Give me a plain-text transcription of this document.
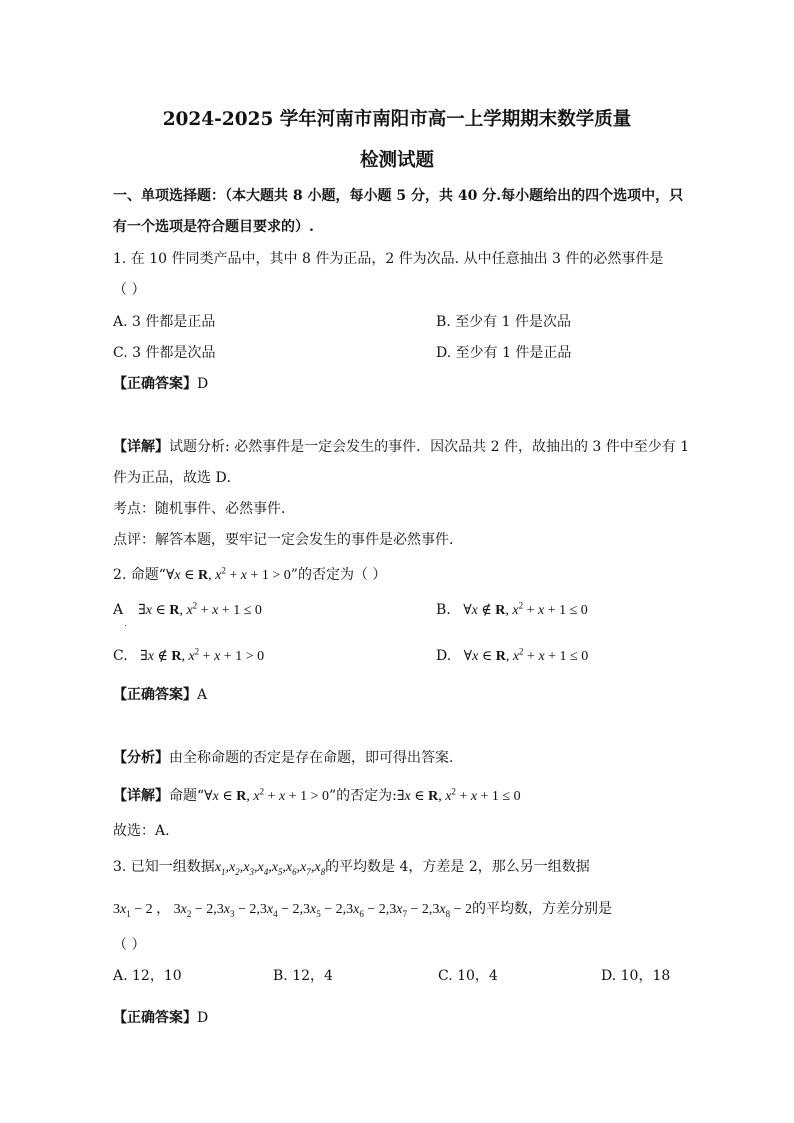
2024-2025 学年河南市南阳市高一上学期期末数学质量
检测试题
一、单项选择题：（本大题共 8 小题，每小题 5 分，共 40 分.每小题给出的四个选项中，只
有一个选项是符合题目要求的）.
1. 在 10 件同类产品中，其中 8 件为正品，2 件为次品. 从中任意抽出 3 件的必然事件是
（ ）
A. 3 件都是正品	B. 至少有 1 件是次品
C. 3 件都是次品	D. 至少有 1 件是正品
【正确答案】D
【详解】试题分析: 必然事件是一定会发生的事件．因次品共 2 件，故抽出的 3 件中至少有 1
件为正品，故选 D．
考点：随机事件、必然事件．
点评：解答本题，要牢记一定会发生的事件是必然事件．
2. 命题“∀x ∈ R, $x^2 + x + 1 > 0$”的否定为（ ）
$A_.$ ∃x ∈ R, $x^2 + x + 1 \le 0$	B. ∀x ∉ R, $x^2 + x + 1 \le 0$
C. ∃x ∉ R, $x^2 + x + 1 > 0$	D. ∀x ∈ R, $x^2 + x + 1 \le 0$
【正确答案】A
【分析】由全称命题的否定是存在命题，即可得出答案.
【详解】命题“∀x ∈ R, $x^2 + x + 1 > 0$”的否定为:∃x ∈ R, $x^2 + x + 1 \le 0$
故选：A.
3. 已知一组数据$x_1,x_2,x_3,x_4,x_5,x_6,x_7,x_8$的平均数是 4，方差是 2，那么另一组数据
$3x_1 - 2$ ， $3x_2 - 2,3x_3 - 2,3x_4 - 2,3x_5 - 2,3x_6 - 2,3x_7 - 2,3x_8 - 2$的平均数，方差分别是
（ ）
A. 12，10	B. 12，4	C. 10，4	D. 10，18
【正确答案】D
